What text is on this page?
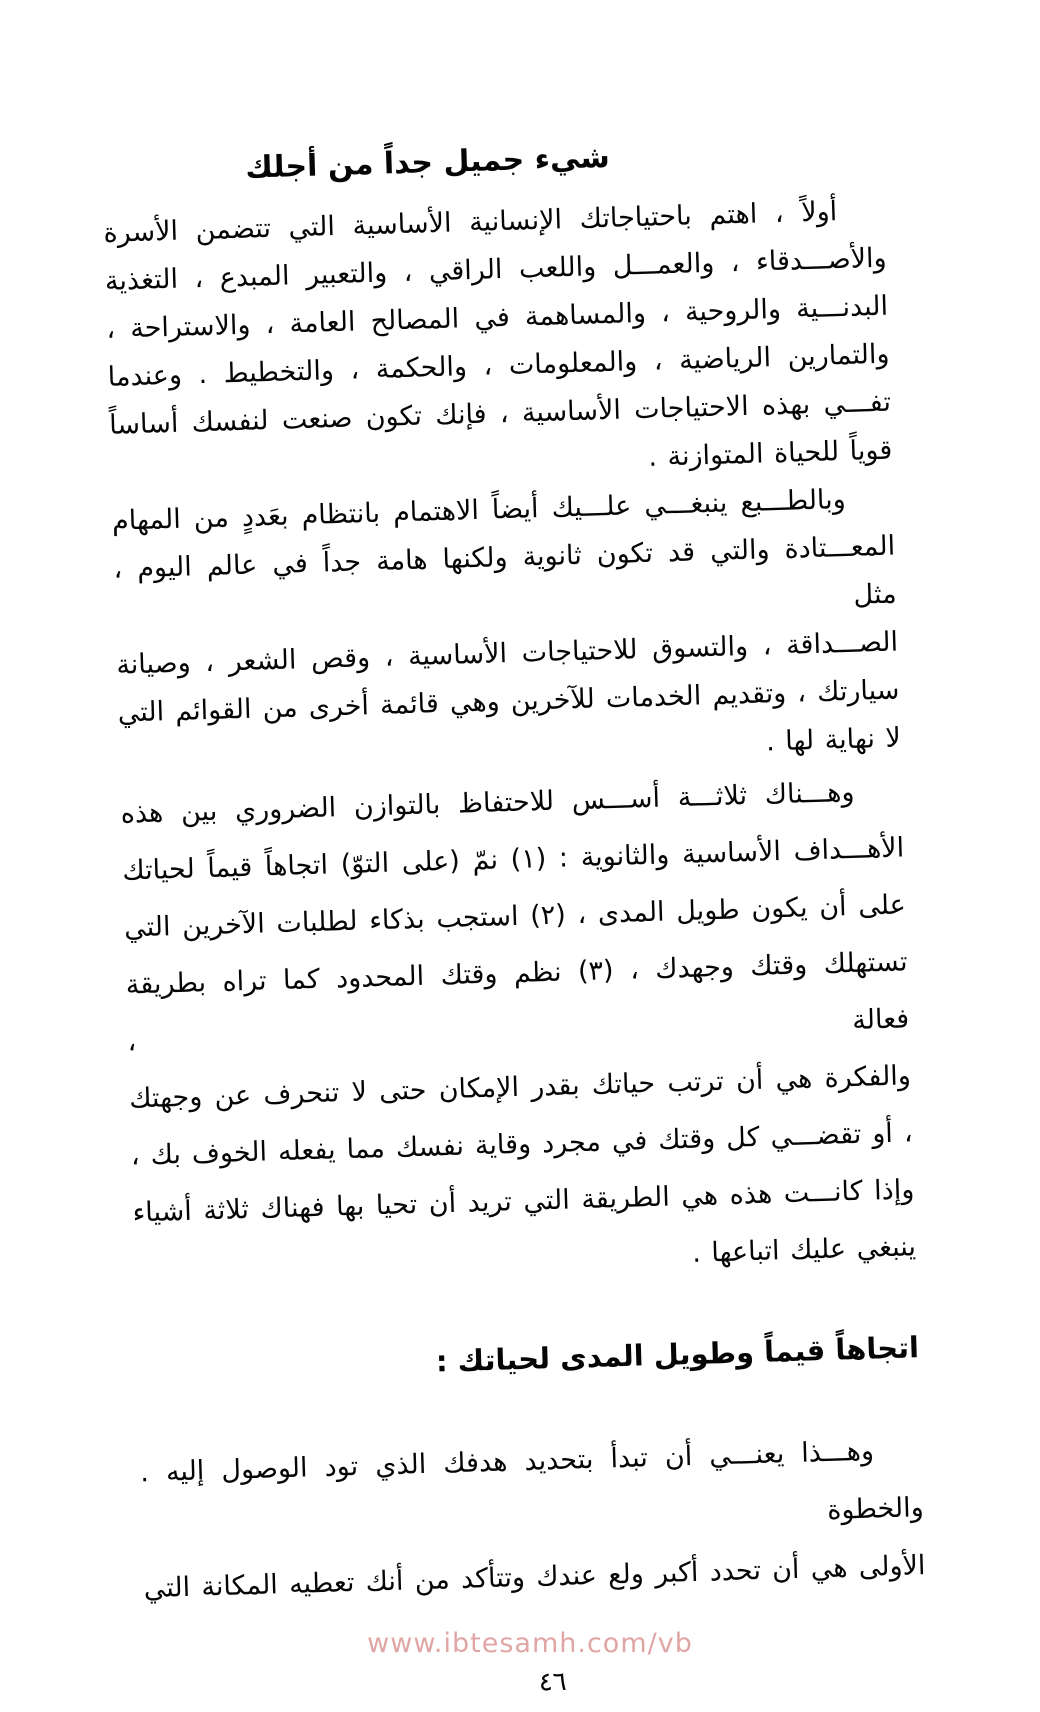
شيء جميل جداً من أجلك
أولاً ، اهتم باحتياجاتك الإنسانية الأساسية التي تتضمن الأسرة
والأصـــدقاء ، والعمـــل واللعب الراقي ، والتعبير المبدع ، التغذية
البدنـــية والروحية ، والمساهمة في المصالح العامة ، والاستراحة ،
والتمارين الرياضية ، والمعلومات ، والحكمة ، والتخطيط . وعندما
تفـــي بهذه الاحتياجات الأساسية ، فإنك تكون صنعت لنفسك أساساً
قوياً للحياة المتوازنة .
وبالطـــبع ينبغـــي علـــيك أيضاً الاهتمام بانتظام بعَددٍ من المهام
المعـــتادة والتي قد تكون ثانوية ولكنها هامة جداً في عالم اليوم ، مثل
الصـــداقة ، والتسوق للاحتياجات الأساسية ، وقص الشعر ، وصيانة
سيارتك ، وتقديم الخدمات للآخرين وهي قائمة أخرى من القوائم التي
لا نهاية لها .
وهـــناك ثلاثـــة أســـس للاحتفاظ بالتوازن الضروري بين هذه
الأهـــداف الأساسية والثانوية : (١) نمّ (على التوّ) اتجاهاً قيماً لحياتك
على أن يكون طويل المدى ، (٢) استجب بذكاء لطلبات الآخرين التي
تستهلك وقتك وجهدك ، (٣) نظم وقتك المحدود كما تراه بطريقة فعالة ،
والفكرة هي أن ترتب حياتك بقدر الإمكان حتى لا تنحرف عن وجهتك
، أو تقضـــي كل وقتك في مجرد وقاية نفسك مما يفعله الخوف بك ،
وإذا كانـــت هذه هي الطريقة التي تريد أن تحيا بها فهناك ثلاثة أشياء
ينبغي عليك اتباعها .
اتجاهاً قيماً وطويل المدى لحياتك :
وهـــذا يعنـــي أن تبدأ بتحديد هدفك الذي تود الوصول إليه . والخطوة
الأولى هي أن تحدد أكبر ولع عندك وتتأكد من أنك تعطيه المكانة التي
٤٦
www.ibtesamh.com/vb
